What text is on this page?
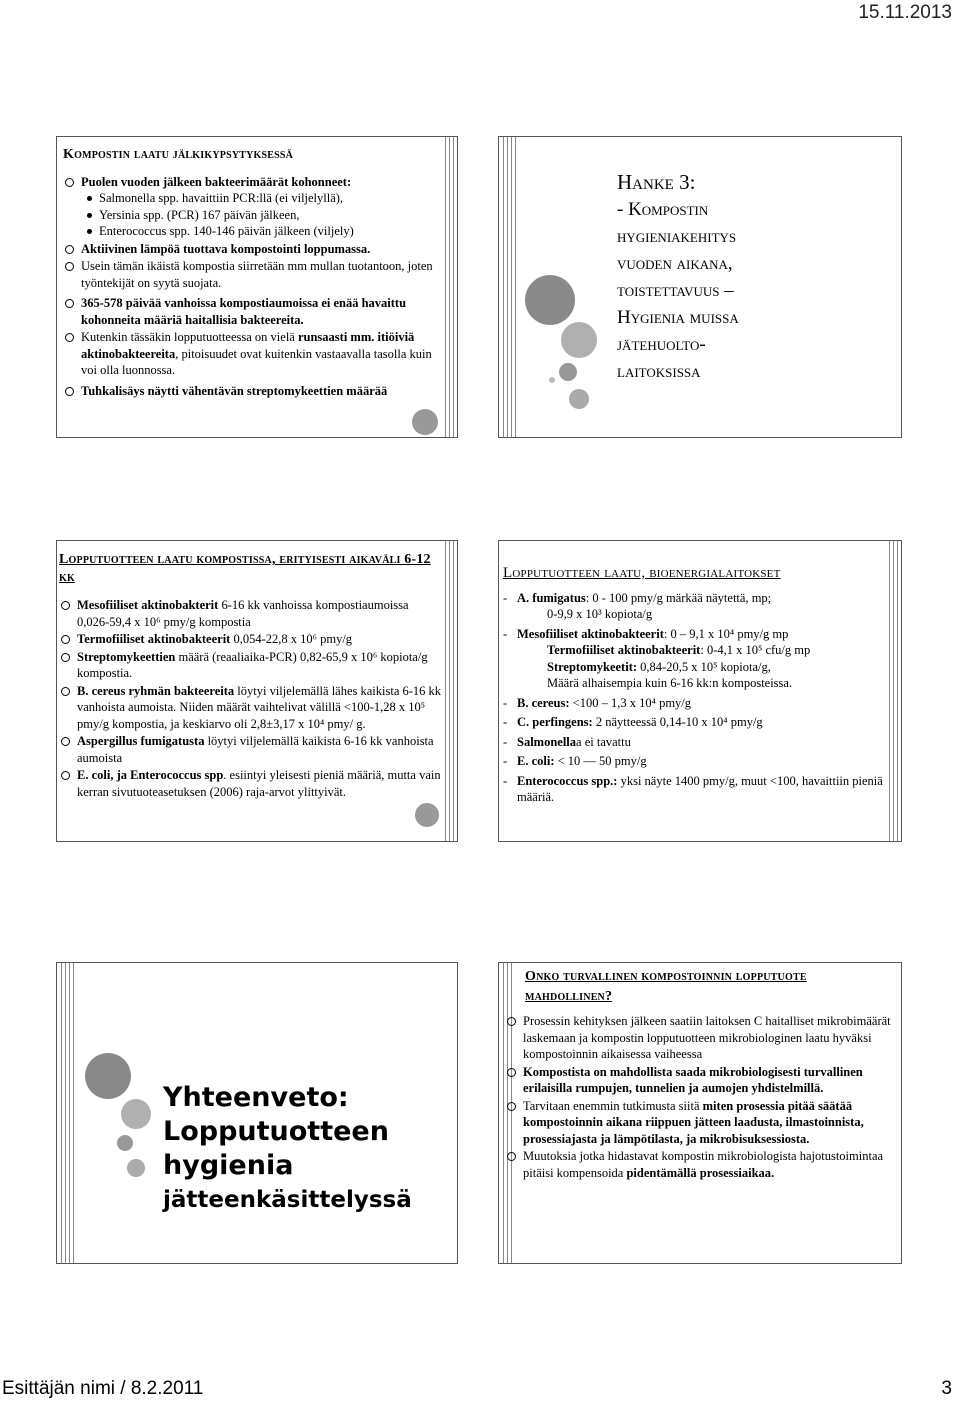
15.11.2013
Kompostin laatu jälkikypsytyksessä
Puolen vuoden jälkeen bakteerimäärät kohonneet:
Salmonella spp. havaittiin PCR:llä (ei viljelyllä),
Yersinia spp. (PCR) 167 päivän jälkeen,
Enterococcus spp. 140-146 päivän jälkeen (viljely)
Aktiivinen lämpöä tuottava kompostointi loppumassa.
Usein tämän ikäistä kompostia siirretään mm mullan tuotantoon, joten työntekijät on syytä suojata.
365-578 päivää vanhoissa kompostiaumoissa ei enää havaittu kohonneita määriä haitallisia bakteereita.
Kutenkin tässäkin lopputuotteessa on vielä runsaasti mm. itiöiviä aktinobakteereita, pitoisuudet ovat kuitenkin vastaavalla tasolla kuin voi olla luonnossa.
Tuhkalisäys näytti vähentävän streptomykeettien määrää
Hanke 3:
- Kompostin
hygieniakehitys
vuoden aikana,
toistettavuus –
Hygienia muissa
jätehuolto-
laitoksissa
Lopputuotteen laatu kompostissa, erityisesti aikaväli 6-12 kk
Mesofiiliset aktinobakterit 6-16 kk vanhoissa kompostiaumoissa 0,026-59,4 x 10⁶ pmy/g kompostia
Termofiiliset aktinobakteerit 0,054-22,8 x 10⁶ pmy/g
Streptomykeettien määrä (reaaliaika-PCR) 0,82-65,9 x 10⁶ kopiota/g kompostia.
B. cereus ryhmän bakteereita löytyi viljelemällä lähes kaikista 6-16 kk vanhoista aumoista. Niiden määrät vaihtelivat välillä <100-1,28 x 10⁵ pmy/g kompostia, ja keskiarvo oli 2,8±3,17 x 10⁴ pmy/ g.
Aspergillus fumigatusta löytyi viljelemällä kaikista 6-16 kk vanhoista aumoista
E. coli, ja Enterococcus spp. esiintyi yleisesti pieniä määriä, mutta vain kerran sivutuoteasetuksen (2006) raja-arvot ylittyivät.
Lopputuotteen laatu, bioenergialaitokset
- A. fumigatus: 0 - 100 pmy/g märkää näytettä, mp;
0-9,9 x 10³ kopiota/g
- Mesofiiliset aktinobakteerit: 0 – 9,1 x 10⁴ pmy/g mp
Termofiiliset aktinobakteerit: 0-4,1 x 10⁵ cfu/g mp
Streptomykeetit: 0,84-20,5 x 10⁵ kopiota/g,
Määrä alhaisempia kuin 6-16 kk:n komposteissa.
- B. cereus: <100 – 1,3 x 10⁴ pmy/g
- C. perfingens: 2 näytteessä 0,14-10 x 10⁴ pmy/g
- Salmonellaa ei tavattu
- E. coli: < 10 — 50 pmy/g
- Enterococcus spp.: yksi näyte 1400 pmy/g, muut <100, havaittiin pieniä määriä.
Yhteenveto:
Lopputuotteen
hygienia
jätteenkäsittelyssä
Onko turvallinen kompostoinnin lopputuote mahdollinen?
Prosessin kehityksen jälkeen saatiin laitoksen C haitalliset mikrobimäärät laskemaan ja kompostin lopputuotteen mikrobiologinen laatu hyväksi kompostoinnin aikaisessa vaiheessa
Kompostista on mahdollista saada mikrobiologisesti turvallinen erilaisilla rumpujen, tunnelien ja aumojen yhdistelmillä.
Tarvitaan enemmin tutkimusta siitä miten prosessia pitää säätää kompostoinnin aikana riippuen jätteen laadusta, ilmastoinnista, prosessiajasta ja lämpötilasta, ja mikrobisuksessiosta.
Muutoksia jotka hidastavat kompostin mikrobiologista hajotustoimintaa pitäisi kompensoida pidentämällä prosessiaikaa.
Esittäjän nimi / 8.2.2011	3
